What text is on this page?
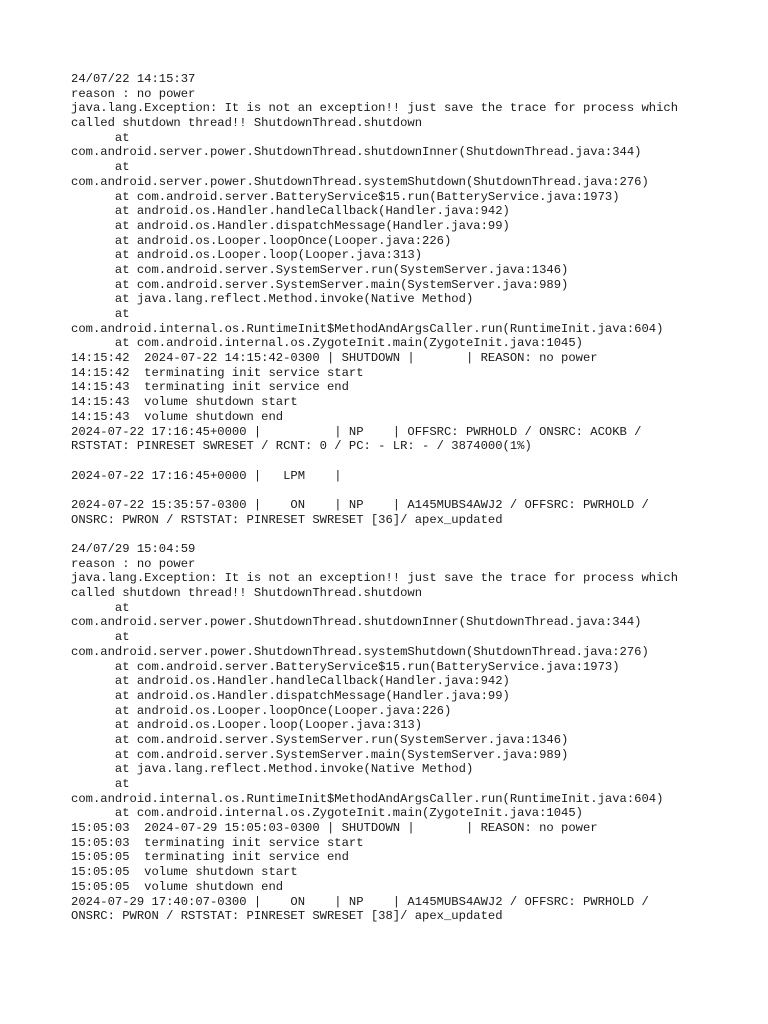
24/07/22 14:15:37
reason : no power
java.lang.Exception: It is not an exception!! just save the trace for process which
called shutdown thread!! ShutdownThread.shutdown
at
com.android.server.power.ShutdownThread.shutdownInner(ShutdownThread.java:344)
at
com.android.server.power.ShutdownThread.systemShutdown(ShutdownThread.java:276)
at com.android.server.BatteryService$15.run(BatteryService.java:1973)
at android.os.Handler.handleCallback(Handler.java:942)
at android.os.Handler.dispatchMessage(Handler.java:99)
at android.os.Looper.loopOnce(Looper.java:226)
at android.os.Looper.loop(Looper.java:313)
at com.android.server.SystemServer.run(SystemServer.java:1346)
at com.android.server.SystemServer.main(SystemServer.java:989)
at java.lang.reflect.Method.invoke(Native Method)
at
com.android.internal.os.RuntimeInit$MethodAndArgsCaller.run(RuntimeInit.java:604)
at com.android.internal.os.ZygoteInit.main(ZygoteInit.java:1045)
14:15:42  2024-07-22 14:15:42-0300 | SHUTDOWN |       | REASON: no power
14:15:42  terminating init service start
14:15:43  terminating init service end
14:15:43  volume shutdown start
14:15:43  volume shutdown end
2024-07-22 17:16:45+0000 |          | NP    | OFFSRC: PWRHOLD / ONSRC: ACOKB /
RSTSTAT: PINRESET SWRESET / RCNT: 0 / PC: - LR: - / 3874000(1%)
2024-07-22 17:16:45+0000 |   LPM    |
2024-07-22 15:35:57-0300 |    ON    | NP    | A145MUBS4AWJ2 / OFFSRC: PWRHOLD /
ONSRC: PWRON / RSTSTAT: PINRESET SWRESET [36]/ apex_updated
24/07/29 15:04:59
reason : no power
java.lang.Exception: It is not an exception!! just save the trace for process which
called shutdown thread!! ShutdownThread.shutdown
at
com.android.server.power.ShutdownThread.shutdownInner(ShutdownThread.java:344)
at
com.android.server.power.ShutdownThread.systemShutdown(ShutdownThread.java:276)
at com.android.server.BatteryService$15.run(BatteryService.java:1973)
at android.os.Handler.handleCallback(Handler.java:942)
at android.os.Handler.dispatchMessage(Handler.java:99)
at android.os.Looper.loopOnce(Looper.java:226)
at android.os.Looper.loop(Looper.java:313)
at com.android.server.SystemServer.run(SystemServer.java:1346)
at com.android.server.SystemServer.main(SystemServer.java:989)
at java.lang.reflect.Method.invoke(Native Method)
at
com.android.internal.os.RuntimeInit$MethodAndArgsCaller.run(RuntimeInit.java:604)
at com.android.internal.os.ZygoteInit.main(ZygoteInit.java:1045)
15:05:03  2024-07-29 15:05:03-0300 | SHUTDOWN |       | REASON: no power
15:05:03  terminating init service start
15:05:05  terminating init service end
15:05:05  volume shutdown start
15:05:05  volume shutdown end
2024-07-29 17:40:07-0300 |    ON    | NP    | A145MUBS4AWJ2 / OFFSRC: PWRHOLD /
ONSRC: PWRON / RSTSTAT: PINRESET SWRESET [38]/ apex_updated
